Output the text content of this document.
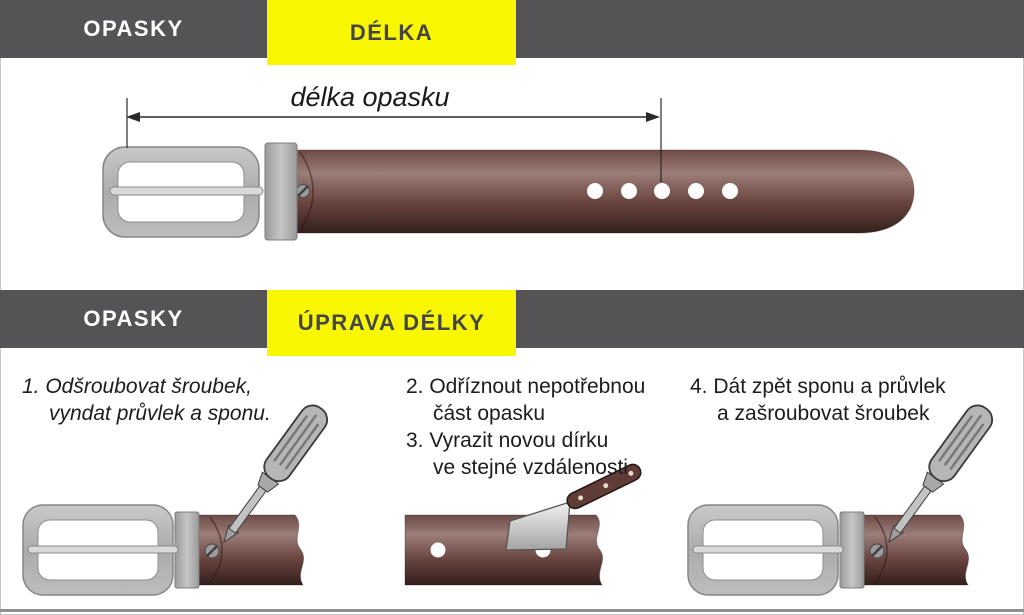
OPASKY	DÉLKA
délka opasku
OPASKY	ÚPRAVA DÉLKY
1. Odšroubovat šroubek,
vyndat průvlek a sponu.
2. Odříznout nepotřebnou
část opasku
3. Vyrazit novou dírku
ve stejné vzdálenosti
4. Dát zpět sponu a průvlek
a zašroubovat šroubek
